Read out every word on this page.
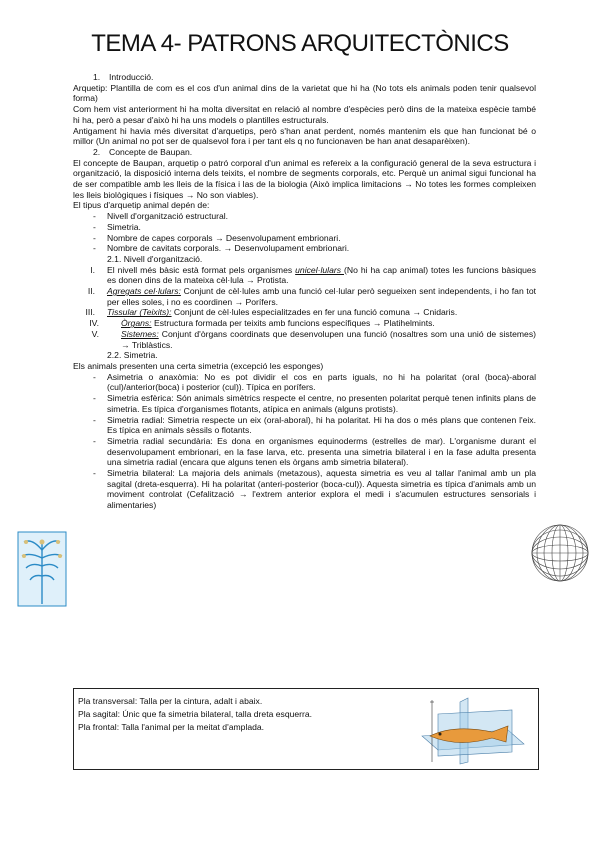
TEMA 4- PATRONS ARQUITECTÒNICS

1. Introducció.

Arquetip: Plantilla de com es el cos d'un animal dins de la varietat que hi ha (No tots els animals poden tenir qualsevol forma)

Com hem vist anteriorment hi ha molta diversitat en relació al nombre d'espècies però dins de la mateixa espècie també hi ha, però a pesar d'això hi ha uns models o plantilles estructurals.

Antigament hi havia més diversitat d'arquetips, però s'han anat perdent, només mantenim els que han funcionat bé o millor (Un animal no pot ser de qualsevol fora i per tant els q no funcionaven be han anat desaparèixen).

2. Concepte de Baupan.

El concepte de Baupan, arquetip o patró corporal d'un animal es refereix a la configuració general de la seva estructura i organització, la disposició interna dels teixits, el nombre de segments corporals, etc. Perquè un animal sigui funcional ha de ser compatible amb les lleis de la física i las de la biologia (Això implica limitacions → No totes les formes compleixen les lleis biològiques i físiques → No son viables).

El tipus d'arquetip animal depén de:

- Nivell d'organització estructural.
- Simetria.
- Nombre de capes corporals → Desenvolupament embrionari.
- Nombre de cavitats corporals. → Desenvolupament embrionari.

2.1. Nivell d'organització.

I. El nivell més bàsic està format pels organismes unicel·lulars (No hi ha cap animal) totes les funcions bàsiques es donen dins de la mateixa cèl·lula → Protista.
II. Agregats cel·lulars: Conjunt de cèl·lules amb una funció cel·lular però segueixen sent independents, i ho fan tot per elles soles, i no es coordinen → Porífers.
III. Tissular (Teixits): Conjunt de cèl·lules especialitzades en fer una funció comuna → Cnidaris.
IV.	Òrgans: Estructura formada per teixits amb funcions específiques → Platihelmints.
V.	Sistemes: Conjunt d'òrgans coordinats que desenvolupen una funció (nosaltres som una unió de sistemes) → Triblàstics.

2.2. Simetria.

Els animals presenten una certa simetria (excepció les esponges)

- Asimetria o anaxòmia: No es pot dividir el cos en parts iguals, no hi ha polaritat (oral (boca)-aboral (cul)/anterior(boca) i posterior (cul)). Típica en porífers.
- Simetria esfèrica: Són animals simètrics respecte el centre, no presenten polaritat perquè tenen infinits plans de simetria. Es típica d'organismes flotants, atípica en animals (alguns protists).
- Simetria radial: Simetria respecte un eix (oral-aboral), hi ha polaritat. Hi ha dos o més plans que contenen l'eix. Es típica en animals sèssils o flotants.
- Simetria radial secundària: Es dona en organismes equinoderms (estrelles de mar). L'organisme durant el desenvolupament embrionari, en la fase larva, etc. presenta una simetria bilateral i en la fase adulta presenta una simetria radial (encara que alguns tenen els òrgans amb simetria bilateral).
- Simetria bilateral: La majoria dels animals (metazous), aquesta simetria es veu al tallar l'animal amb un pla sagital (dreta-esquerra). Hi ha polaritat (anteri-posterior (boca-cul)). Aquesta simetria es típica d'animals amb un moviment controlat (Cefalització → l'extrem anterior explora el medi i s'acumulen estructures sensorials i alimentaries)
Pla transversal: Talla per la cintura, adalt i abaix.
Pla sagital: Únic que fa simetria bilateral, talla dreta esquerra.
Pla frontal: Talla l'animal per la meitat d'amplada.
